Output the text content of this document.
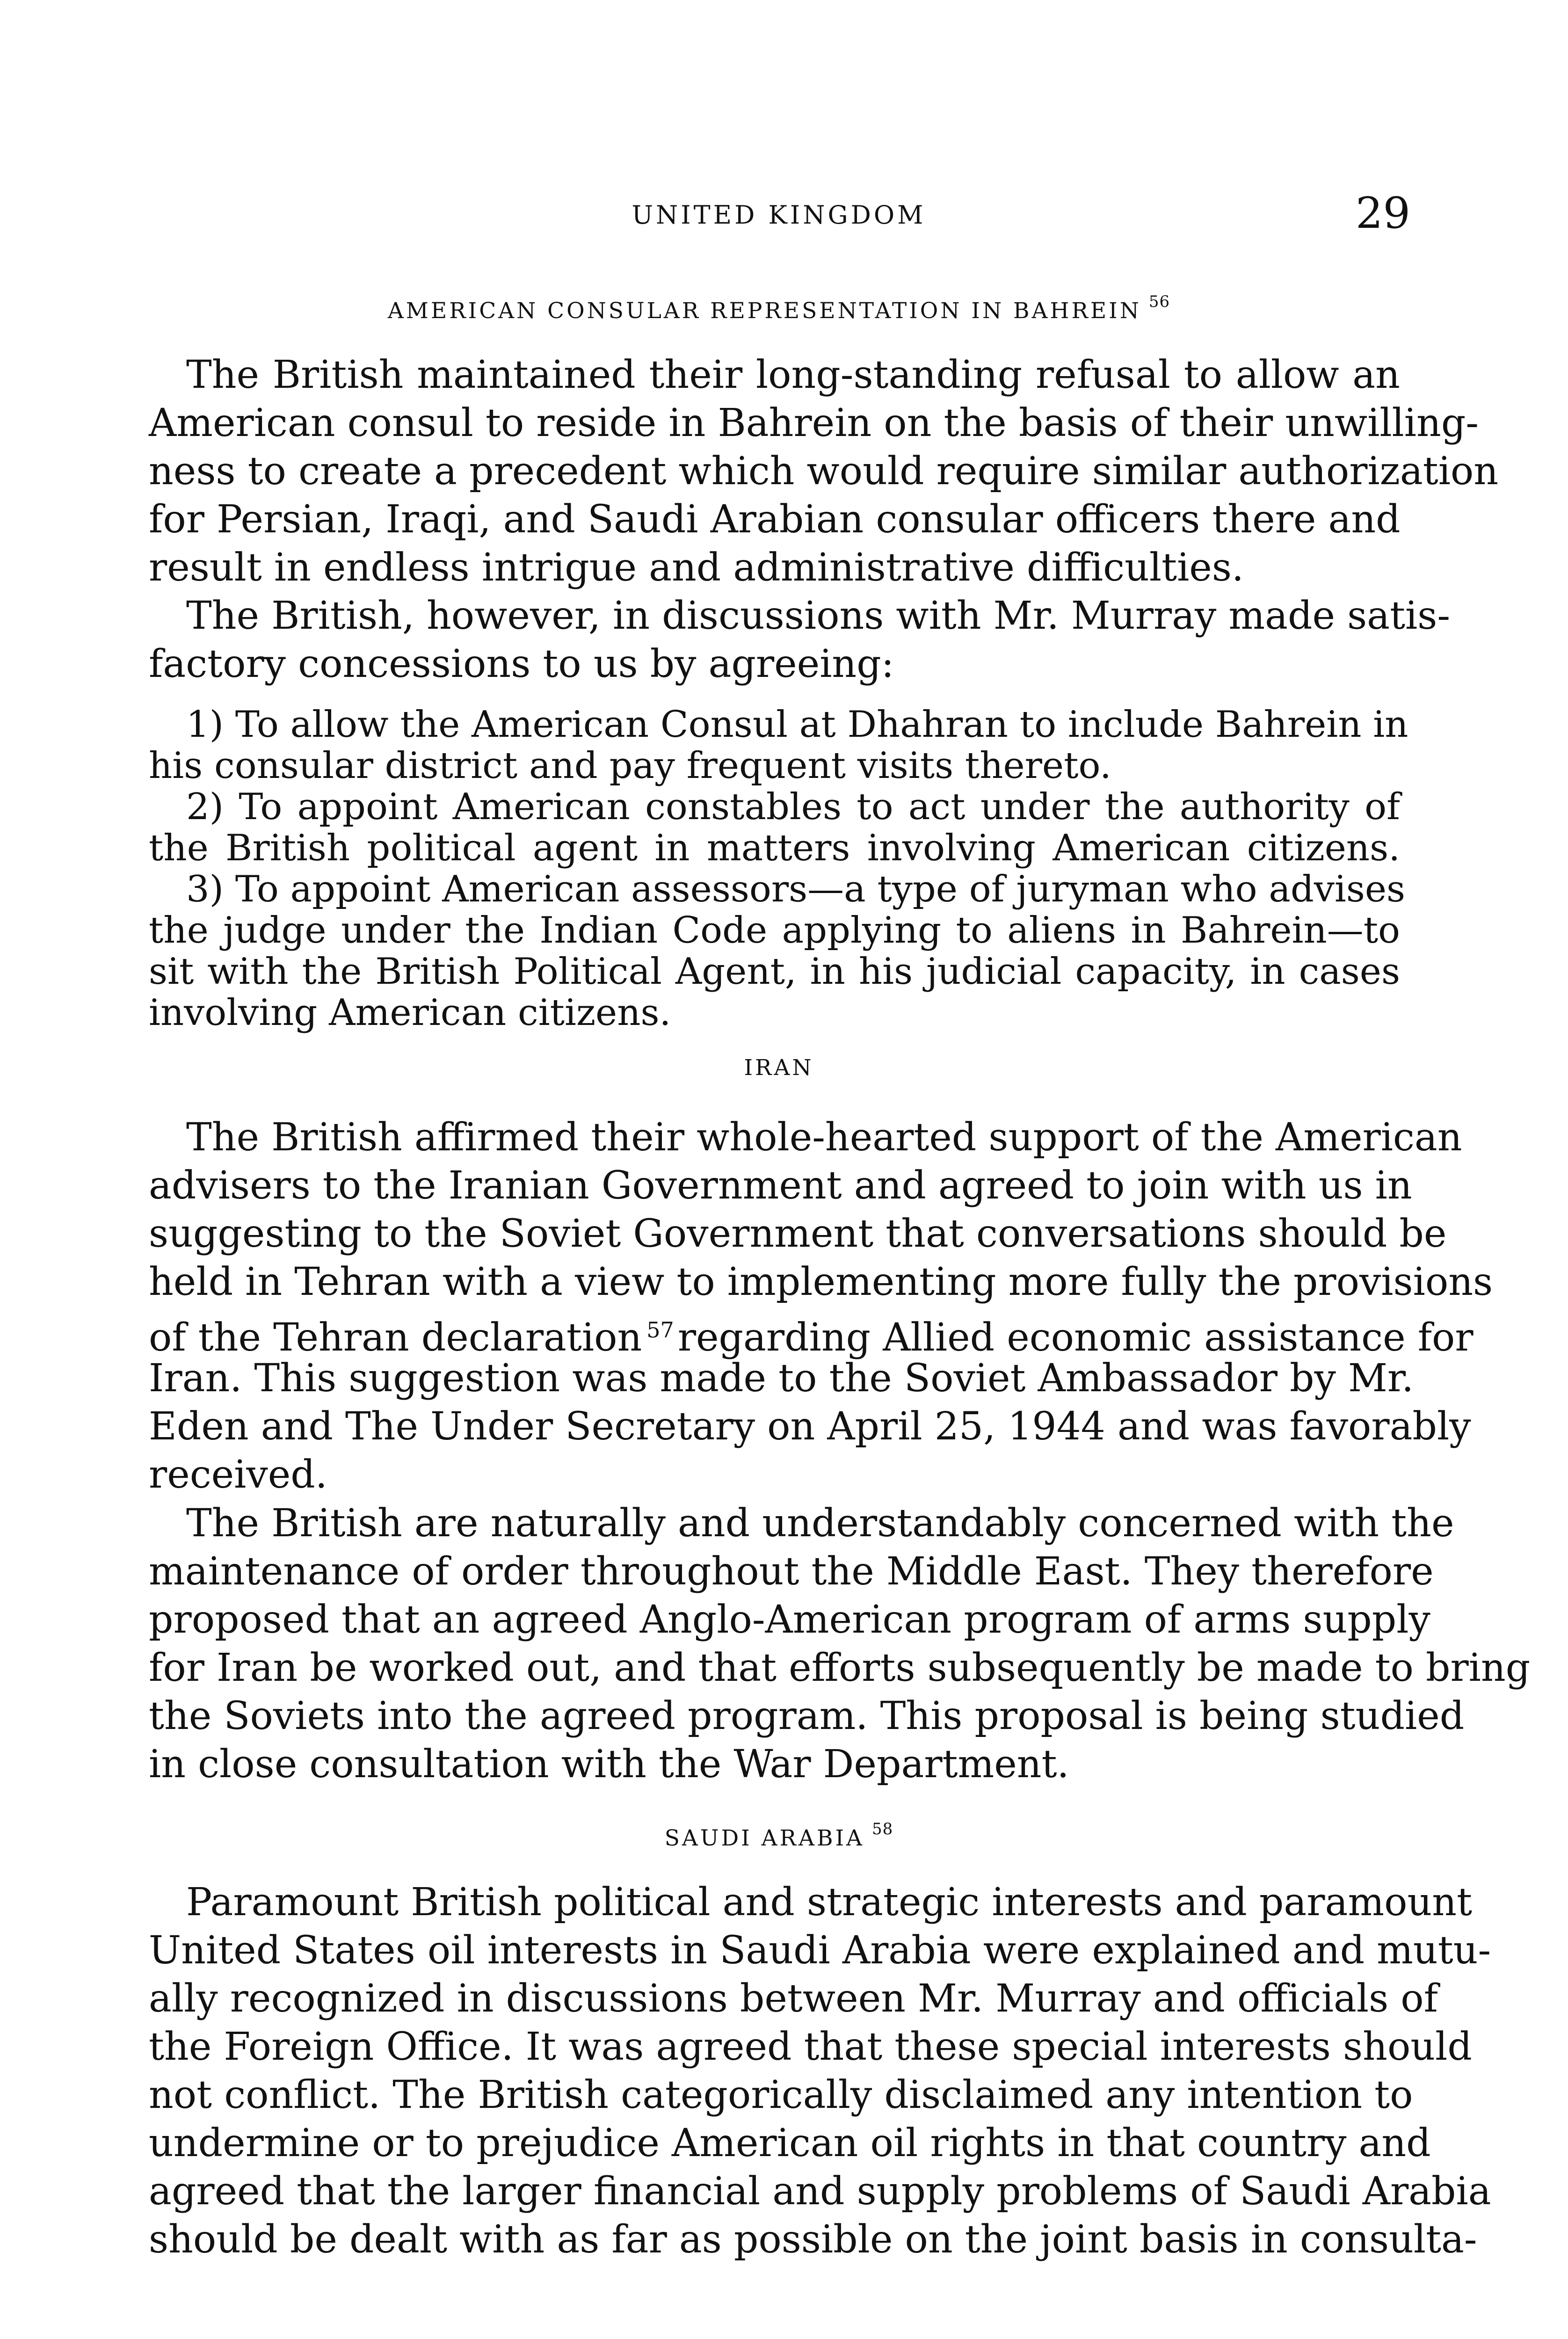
UNITED KINGDOM	29
AMERICAN CONSULAR REPRESENTATION IN BAHREIN $^{56}$
The British maintained their long-standing refusal to allow an
American consul to reside in Bahrein on the basis of their unwilling-
ness to create a precedent which would require similar authorization
for Persian, Iraqi, and Saudi Arabian consular officers there and
result in endless intrigue and administrative difficulties.
The British, however, in discussions with Mr. Murray made satis-
factory concessions to us by agreeing:
1) To allow the American Consul at Dhahran to include Bahrein in
his consular district and pay frequent visits thereto.
2) To appoint American constables to act under the authority of
the British political agent in matters involving American citizens.
3) To appoint American assessors—a type of juryman who advises
the judge under the Indian Code applying to aliens in Bahrein—to
sit with the British Political Agent, in his judicial capacity, in cases
involving American citizens.
IRAN
The British affirmed their whole-hearted support of the American
advisers to the Iranian Government and agreed to join with us in
suggesting to the Soviet Government that conversations should be
held in Tehran with a view to implementing more fully the provisions
of the Tehran declaration $^{57}$regarding Allied economic assistance for
Iran. This suggestion was made to the Soviet Ambassador by Mr.
Eden and The Under Secretary on April 25, 1944 and was favorably
received.
The British are naturally and understandably concerned with the
maintenance of order throughout the Middle East. They therefore
proposed that an agreed Anglo-American program of arms supply
for Iran be worked out, and that efforts subsequently be made to bring
the Soviets into the agreed program. This proposal is being studied
in close consultation with the War Department.
SAUDI ARABIA $^{58}$
Paramount British political and strategic interests and paramount
United States oil interests in Saudi Arabia were explained and mutu-
ally recognized in discussions between Mr. Murray and officials of
the Foreign Office. It was agreed that these special interests should
not conflict. The British categorically disclaimed any intention to
undermine or to prejudice American oil rights in that country and
agreed that the larger financial and supply problems of Saudi Arabia
should be dealt with as far as possible on the joint basis in consulta-
